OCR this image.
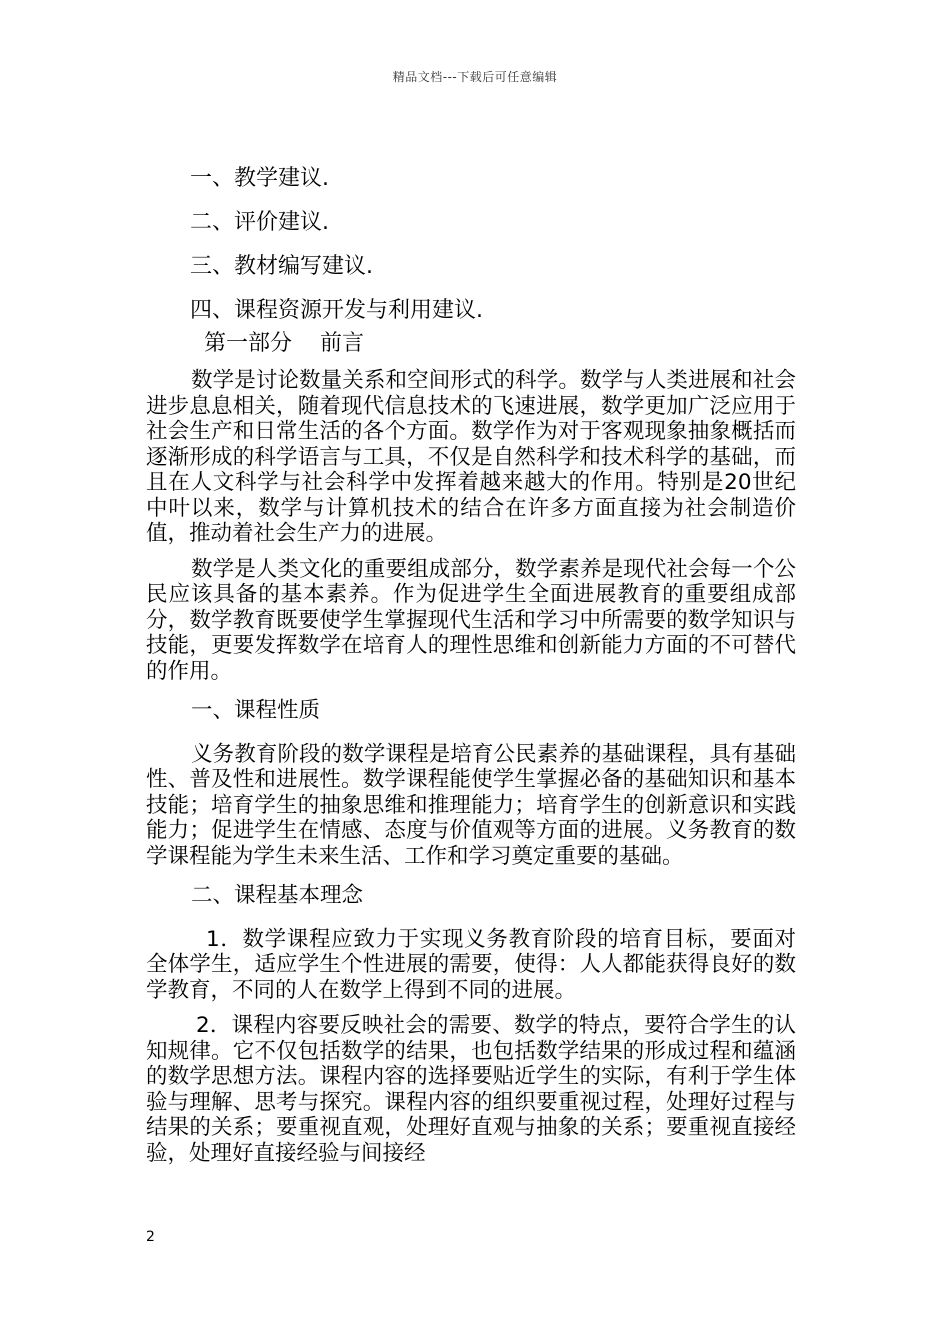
精品文档---下载后可任意编辑
一、教学建议.
二、评价建议.
三、教材编写建议.
四、课程资源开发与利用建议.
第一部分 前言

数学是讨论数量关系和空间形式的科学。数学与人类进展和社会进步息息相关，随着现代信息技术的飞速进展，数学更加广泛应用于社会生产和日常生活的各个方面。数学作为对于客观现象抽象概括而逐渐形成的科学语言与工具，不仅是自然科学和技术科学的基础，而且在人文科学与社会科学中发挥着越来越大的作用。特别是20世纪中叶以来，数学与计算机技术的结合在许多方面直接为社会制造价值，推动着社会生产力的进展。

数学是人类文化的重要组成部分，数学素养是现代社会每一个公民应该具备的基本素养。作为促进学生全面进展教育的重要组成部分，数学教育既要使学生掌握现代生活和学习中所需要的数学知识与技能，更要发挥数学在培育人的理性思维和创新能力方面的不可替代的作用。

一、课程性质

义务教育阶段的数学课程是培育公民素养的基础课程，具有基础性、普及性和进展性。数学课程能使学生掌握必备的基础知识和基本技能；培育学生的抽象思维和推理能力；培育学生的创新意识和实践能力；促进学生在情感、态度与价值观等方面的进展。义务教育的数学课程能为学生未来生活、工作和学习奠定重要的基础。

二、课程基本理念

1．数学课程应致力于实现义务教育阶段的培育目标，要面对全体学生，适应学生个性进展的需要，使得：人人都能获得良好的数学教育，不同的人在数学上得到不同的进展。

2．课程内容要反映社会的需要、数学的特点，要符合学生的认知规律。它不仅包括数学的结果，也包括数学结果的形成过程和蕴涵的数学思想方法。课程内容的选择要贴近学生的实际，有利于学生体验与理解、思考与探究。课程内容的组织要重视过程，处理好过程与结果的关系；要重视直观，处理好直观与抽象的关系；要重视直接经验，处理好直接经验与间接经

2
